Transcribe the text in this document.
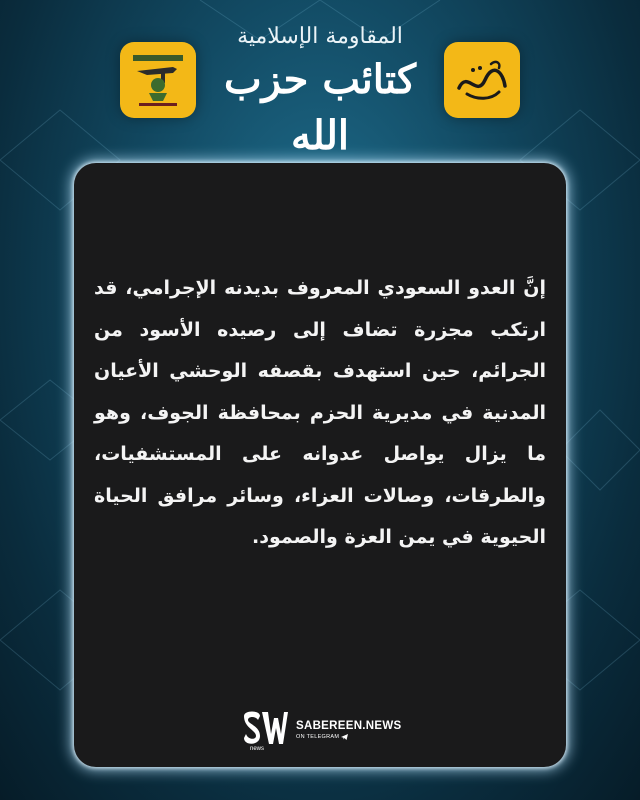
المقاومة الإسلامية
كتائب حزب الله
إنَّ العدو السعودي المعروف بديدنه الإجرامي، قد ارتكب مجزرة تضاف إلى رصيده الأسود من الجرائم، حين استهدف بقصفه الوحشي الأعيان المدنية في مديرية الحزم بمحافظة الجوف، وهو ما يزال يواصل عدوانه على المستشفيات، والطرقات، وصالات العزاء، وسائر مرافق الحياة الحيوية في يمن العزة والصمود.
news
SABEREEN.NEWS
ON TELEGRAM
